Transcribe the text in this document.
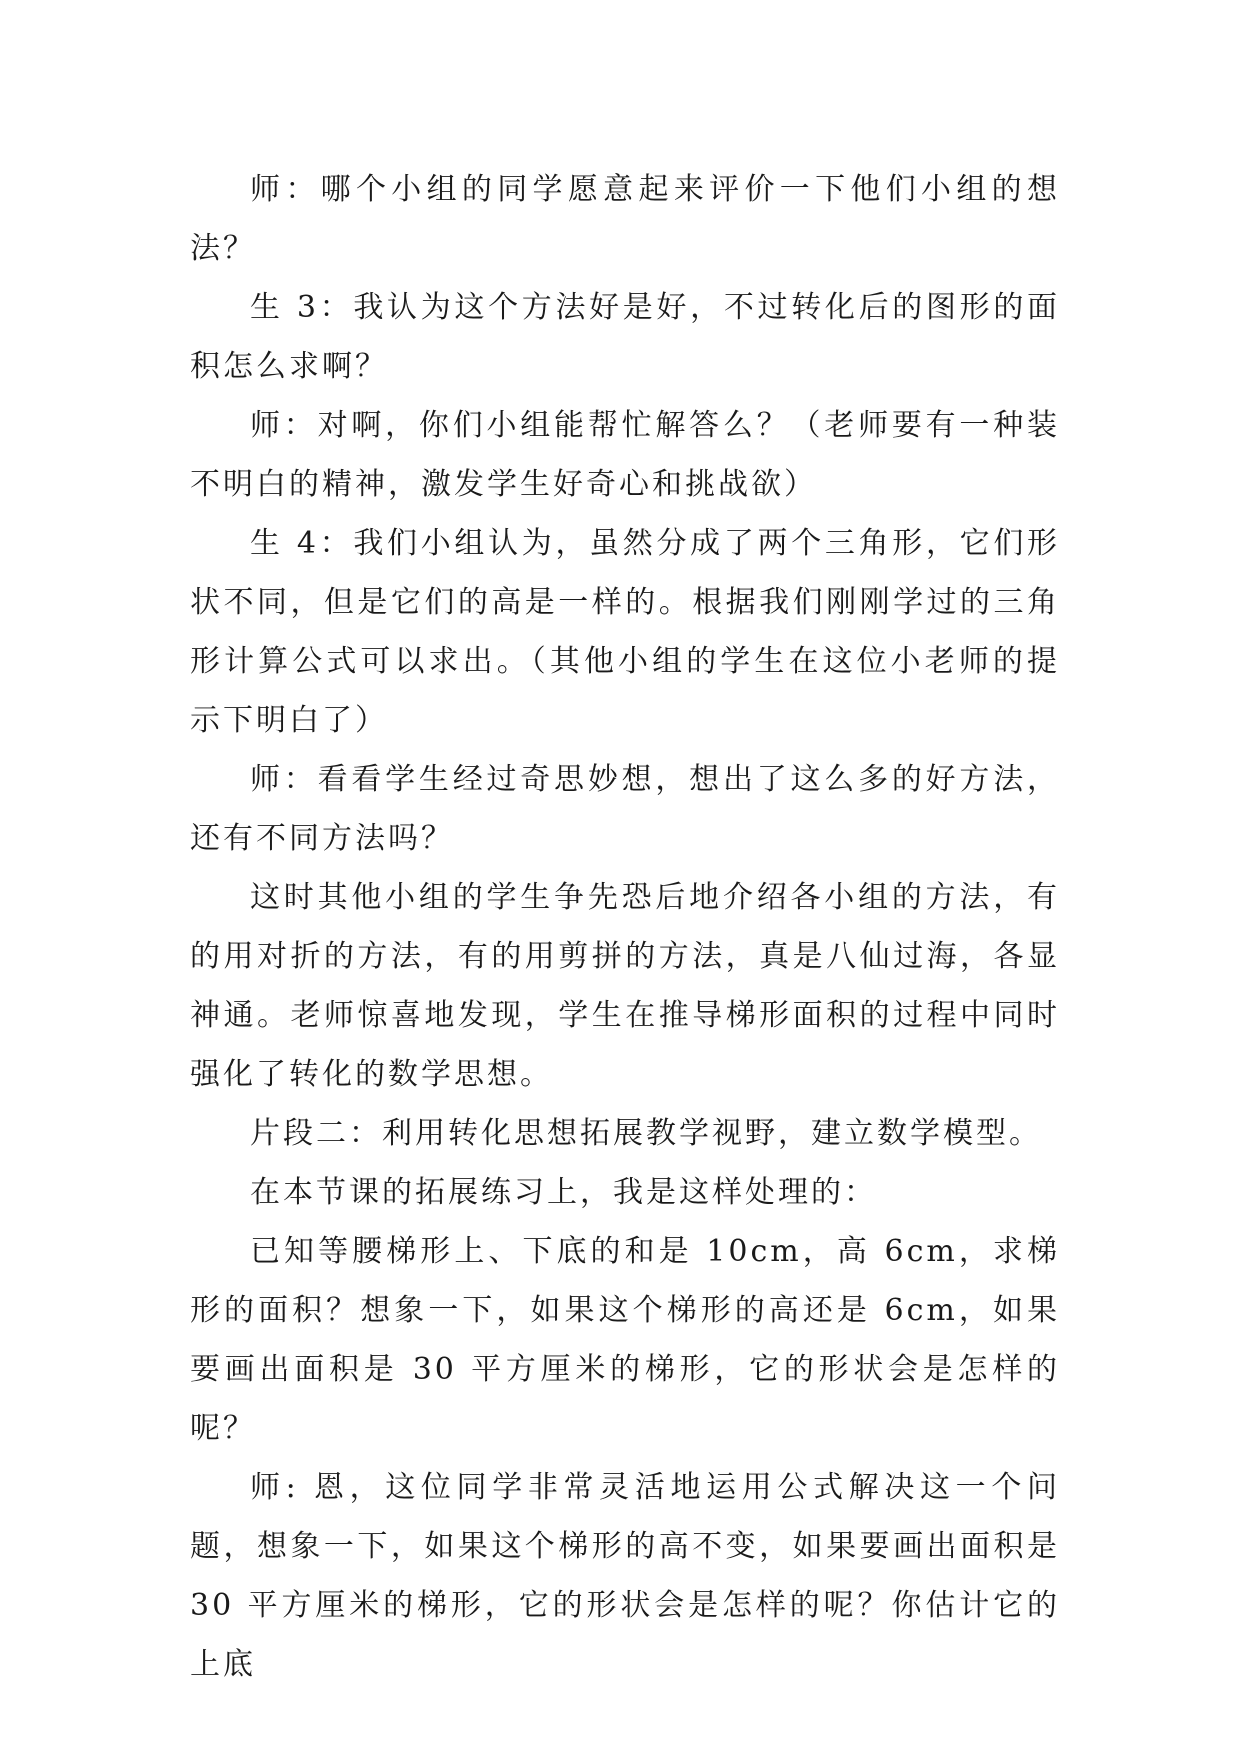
师：哪个小组的同学愿意起来评价一下他们小组的想法？

生 3：我认为这个方法好是好，不过转化后的图形的面积怎么求啊？

师：对啊，你们小组能帮忙解答么？（老师要有一种装不明白的精神，激发学生好奇心和挑战欲）

生 4：我们小组认为，虽然分成了两个三角形，它们形状不同，但是它们的高是一样的。根据我们刚刚学过的三角形计算公式可以求出。（其他小组的学生在这位小老师的提示下明白了）

师：看看学生经过奇思妙想，想出了这么多的好方法，还有不同方法吗？

这时其他小组的学生争先恐后地介绍各小组的方法，有的用对折的方法，有的用剪拼的方法，真是八仙过海，各显神通。老师惊喜地发现，学生在推导梯形面积的过程中同时强化了转化的数学思想。

片段二：利用转化思想拓展教学视野，建立数学模型。

在本节课的拓展练习上，我是这样处理的：

已知等腰梯形上、下底的和是 10cm，高 6cm，求梯形的面积？想象一下，如果这个梯形的高还是 6cm，如果要画出面积是 30 平方厘米的梯形，它的形状会是怎样的呢？

师: 恩，这位同学非常灵活地运用公式解决这一个问题，想象一下，如果这个梯形的高不变，如果要画出面积是 30 平方厘米的梯形，它的形状会是怎样的呢？你估计它的上底
